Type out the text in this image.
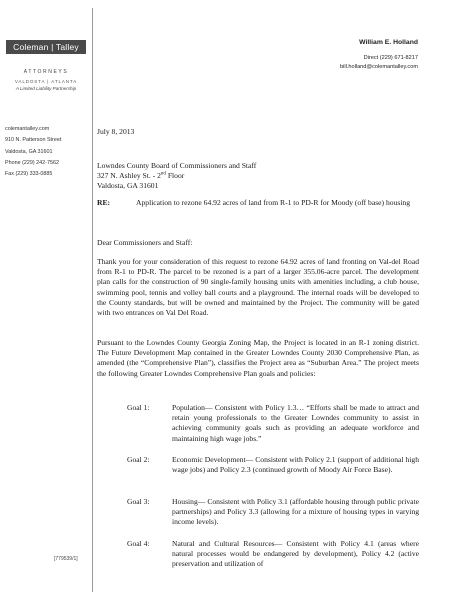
Coleman | Talley
ATTORNEYS
VALDOSTA | ATLANTA
A Limited Liability Partnership
colemantalley.com
910 N. Patterson Street
Valdosta, GA 31601
Phone (229) 242-7562
Fax (229) 333-0885
[779539/1]
William E. Holland
Direct (229) 671-8217
bill.holland@colemantalley.com
July 8, 2013
Lowndes County Board of Commissioners and Staff
327 N. Ashley St. - 2nd Floor
Valdosta, GA 31601
RE:	Application to rezone 64.92 acres of land from R-1 to PD-R for Moody (off base) housing
Dear Commissioners and Staff:
Thank you for your consideration of this request to rezone 64.92 acres of land fronting on Val-del Road from R-1 to PD-R. The parcel to be rezoned is a part of a larger 355.06-acre parcel. The development plan calls for the construction of 90 single-family housing units with amenities including, a club house, swimming pool, tennis and volley ball courts and a playground. The internal roads will be developed to the County standards, but will be owned and maintained by the Project. The community will be gated with two entrances on Val Del Road.
Pursuant to the Lowndes County Georgia Zoning Map, the Project is located in an R-1 zoning district. The Future Development Map contained in the Greater Lowndes County 2030 Comprehensive Plan, as amended (the “Comprehensive Plan”), classifies the Project area as “Suburban Area.” The project meets the following Greater Lowndes Comprehensive Plan goals and policies:
Goal 1:	Population— Consistent with Policy 1.3… “Efforts shall be made to attract and retain young professionals to the Greater Lowndes community to assist in achieving community goals such as providing an adequate workforce and maintaining high wage jobs.”
Goal 2:	Economic Development— Consistent with Policy 2.1 (support of additional high wage jobs) and Policy 2.3 (continued growth of Moody Air Force Base).
Goal 3:	Housing— Consistent with Policy 3.1 (affordable housing through public private partnerships) and Policy 3.3 (allowing for a mixture of housing types in varying income levels).
Goal 4:	Natural and Cultural Resources— Consistent with Policy 4.1 (areas where natural processes would be endangered by development), Policy 4.2 (active preservation and utilization of
